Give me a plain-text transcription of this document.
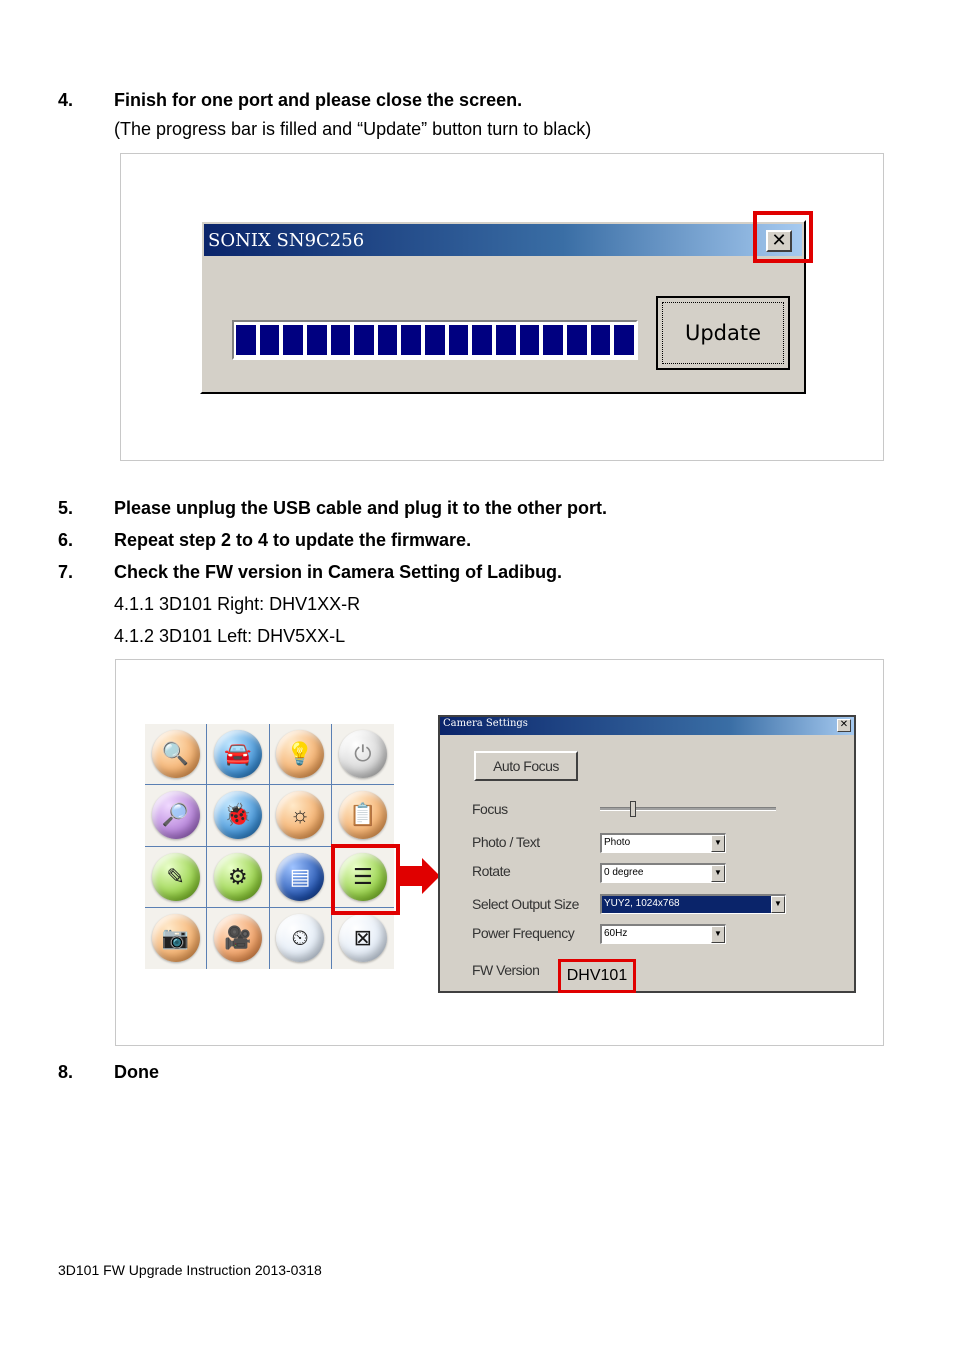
4. Finish for one port and please close the screen.
(The progress bar is filled and “Update” button turn to black)
SONIX SN9C256	✕
Update
5. Please unplug the USB cable and plug it to the other port.
6. Repeat step 2 to 4 to update the firmware.
7. Check the FW version in Camera Setting of Ladibug.
4.1.1 3D101 Right: DHV1XX-R
4.1.2 3D101 Left: DHV5XX-L
🔍	🚘	💡	⏻
🔎	🐞	☼	📋
✎	⚙	▤	☰
📷	🎥	⏲	⊠
Camera Settings	✕
Auto Focus
Focus
Photo / Text	Photo	▼
Rotate	0 degree	▼
Select Output Size	YUY2, 1024x768	▼
Power Frequency	60Hz	▼
FW Version	DHV101
8. Done
3D101 FW Upgrade Instruction 2013-0318
